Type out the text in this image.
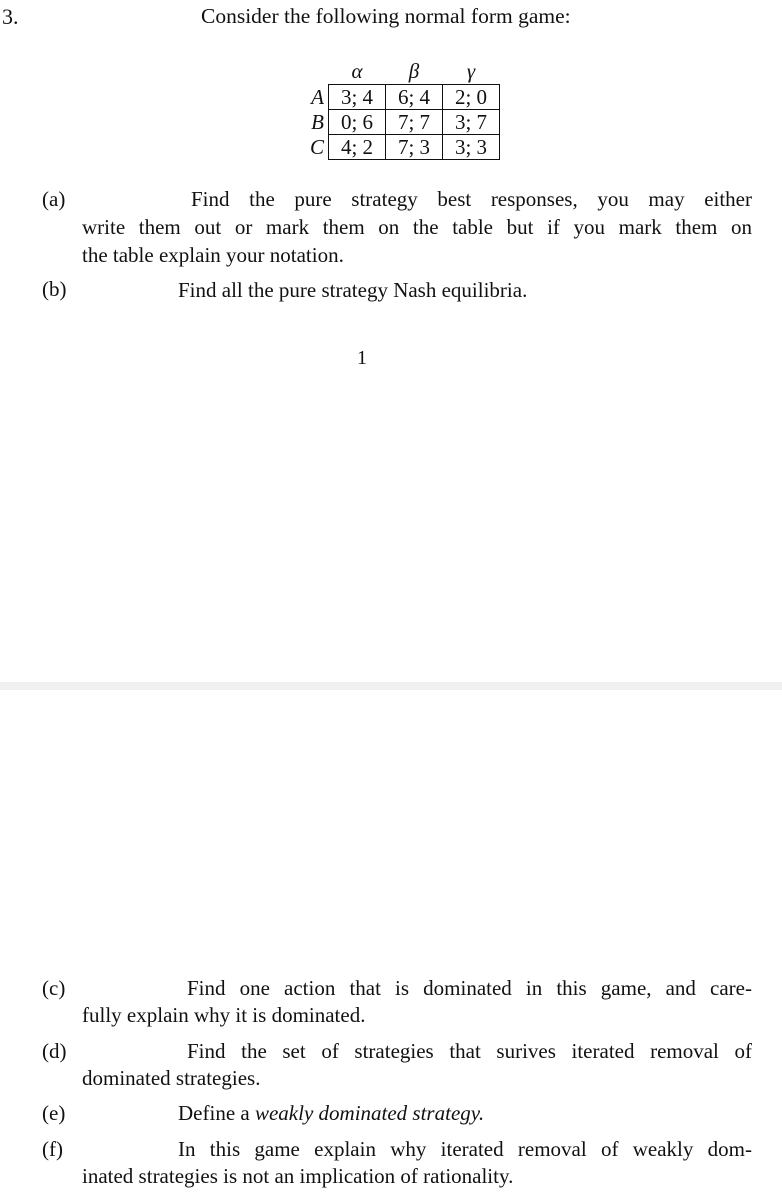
3.	Consider the following normal form game:
	α	β	γ
A	3; 4	6; 4	2; 0
B	0; 6	7; 7	3; 7
C	4; 2	7; 3	3; 3
(a)	Find the pure strategy best responses, you may either
write them out or mark them on the table but if you mark them on
the table explain your notation.
(b)	Find all the pure strategy Nash equilibria.
1
(c)	Find one action that is dominated in this game, and care-
fully explain why it is dominated.
(d)	Find the set of strategies that surives iterated removal of
dominated strategies.
(e)	Define a weakly dominated strategy.
(f)	In this game explain why iterated removal of weakly dom-
inated strategies is not an implication of rationality.
